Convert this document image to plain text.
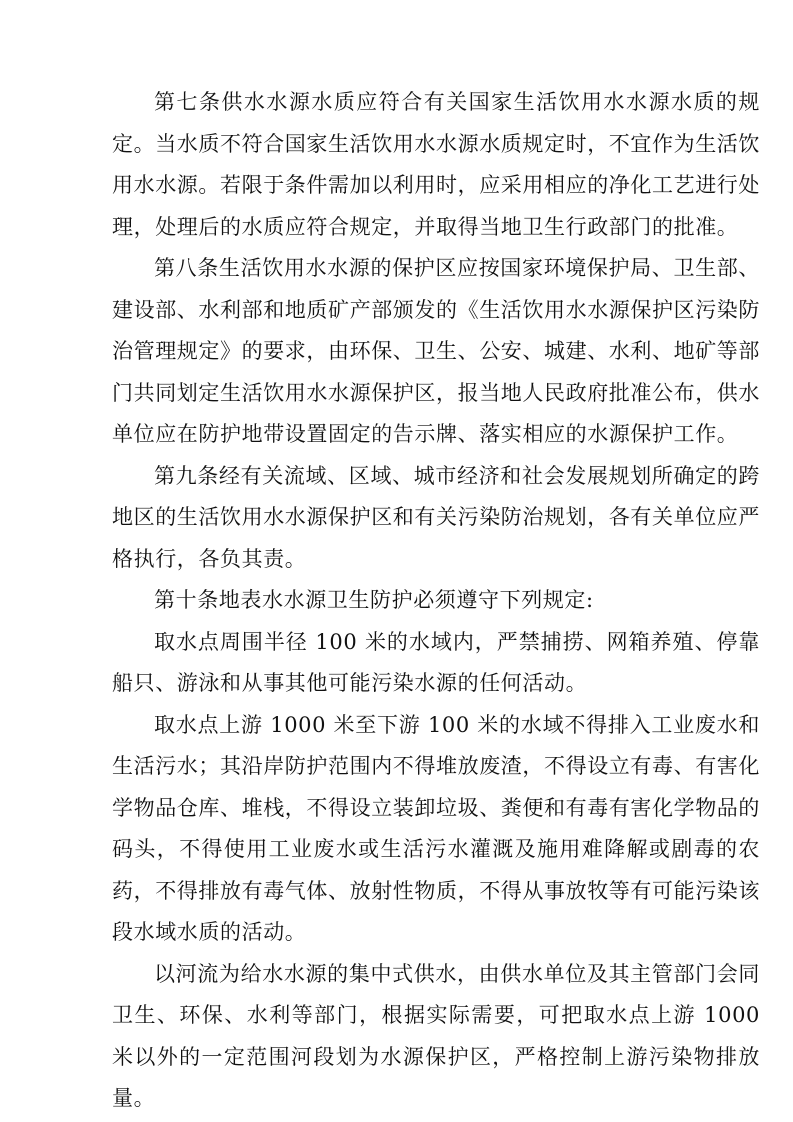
第七条供水水源水质应符合有关国家生活饮用水水源水质的规定。当水质不符合国家生活饮用水水源水质规定时，不宜作为生活饮用水水源。若限于条件需加以利用时，应采用相应的净化工艺进行处理，处理后的水质应符合规定，并取得当地卫生行政部门的批准。

第八条生活饮用水水源的保护区应按国家环境保护局、卫生部、建设部、水利部和地质矿产部颁发的《生活饮用水水源保护区污染防治管理规定》的要求，由环保、卫生、公安、城建、水利、地矿等部门共同划定生活饮用水水源保护区，报当地人民政府批准公布，供水单位应在防护地带设置固定的告示牌、落实相应的水源保护工作。

第九条经有关流域、区域、城市经济和社会发展规划所确定的跨地区的生活饮用水水源保护区和有关污染防治规划，各有关单位应严格执行，各负其责。

第十条地表水水源卫生防护必须遵守下列规定:

取水点周围半径 100 米的水域内，严禁捕捞、网箱养殖、停靠船只、游泳和从事其他可能污染水源的任何活动。

取水点上游 1000 米至下游 100 米的水域不得排入工业废水和生活污水；其沿岸防护范围内不得堆放废渣，不得设立有毒、有害化学物品仓库、堆栈，不得设立装卸垃圾、粪便和有毒有害化学物品的码头，不得使用工业废水或生活污水灌溉及施用难降解或剧毒的农药，不得排放有毒气体、放射性物质，不得从事放牧等有可能污染该段水域水质的活动。

以河流为给水水源的集中式供水，由供水单位及其主管部门会同卫生、环保、水利等部门，根据实际需要，可把取水点上游 1000 米以外的一定范围河段划为水源保护区，严格控制上游污染物排放量。
